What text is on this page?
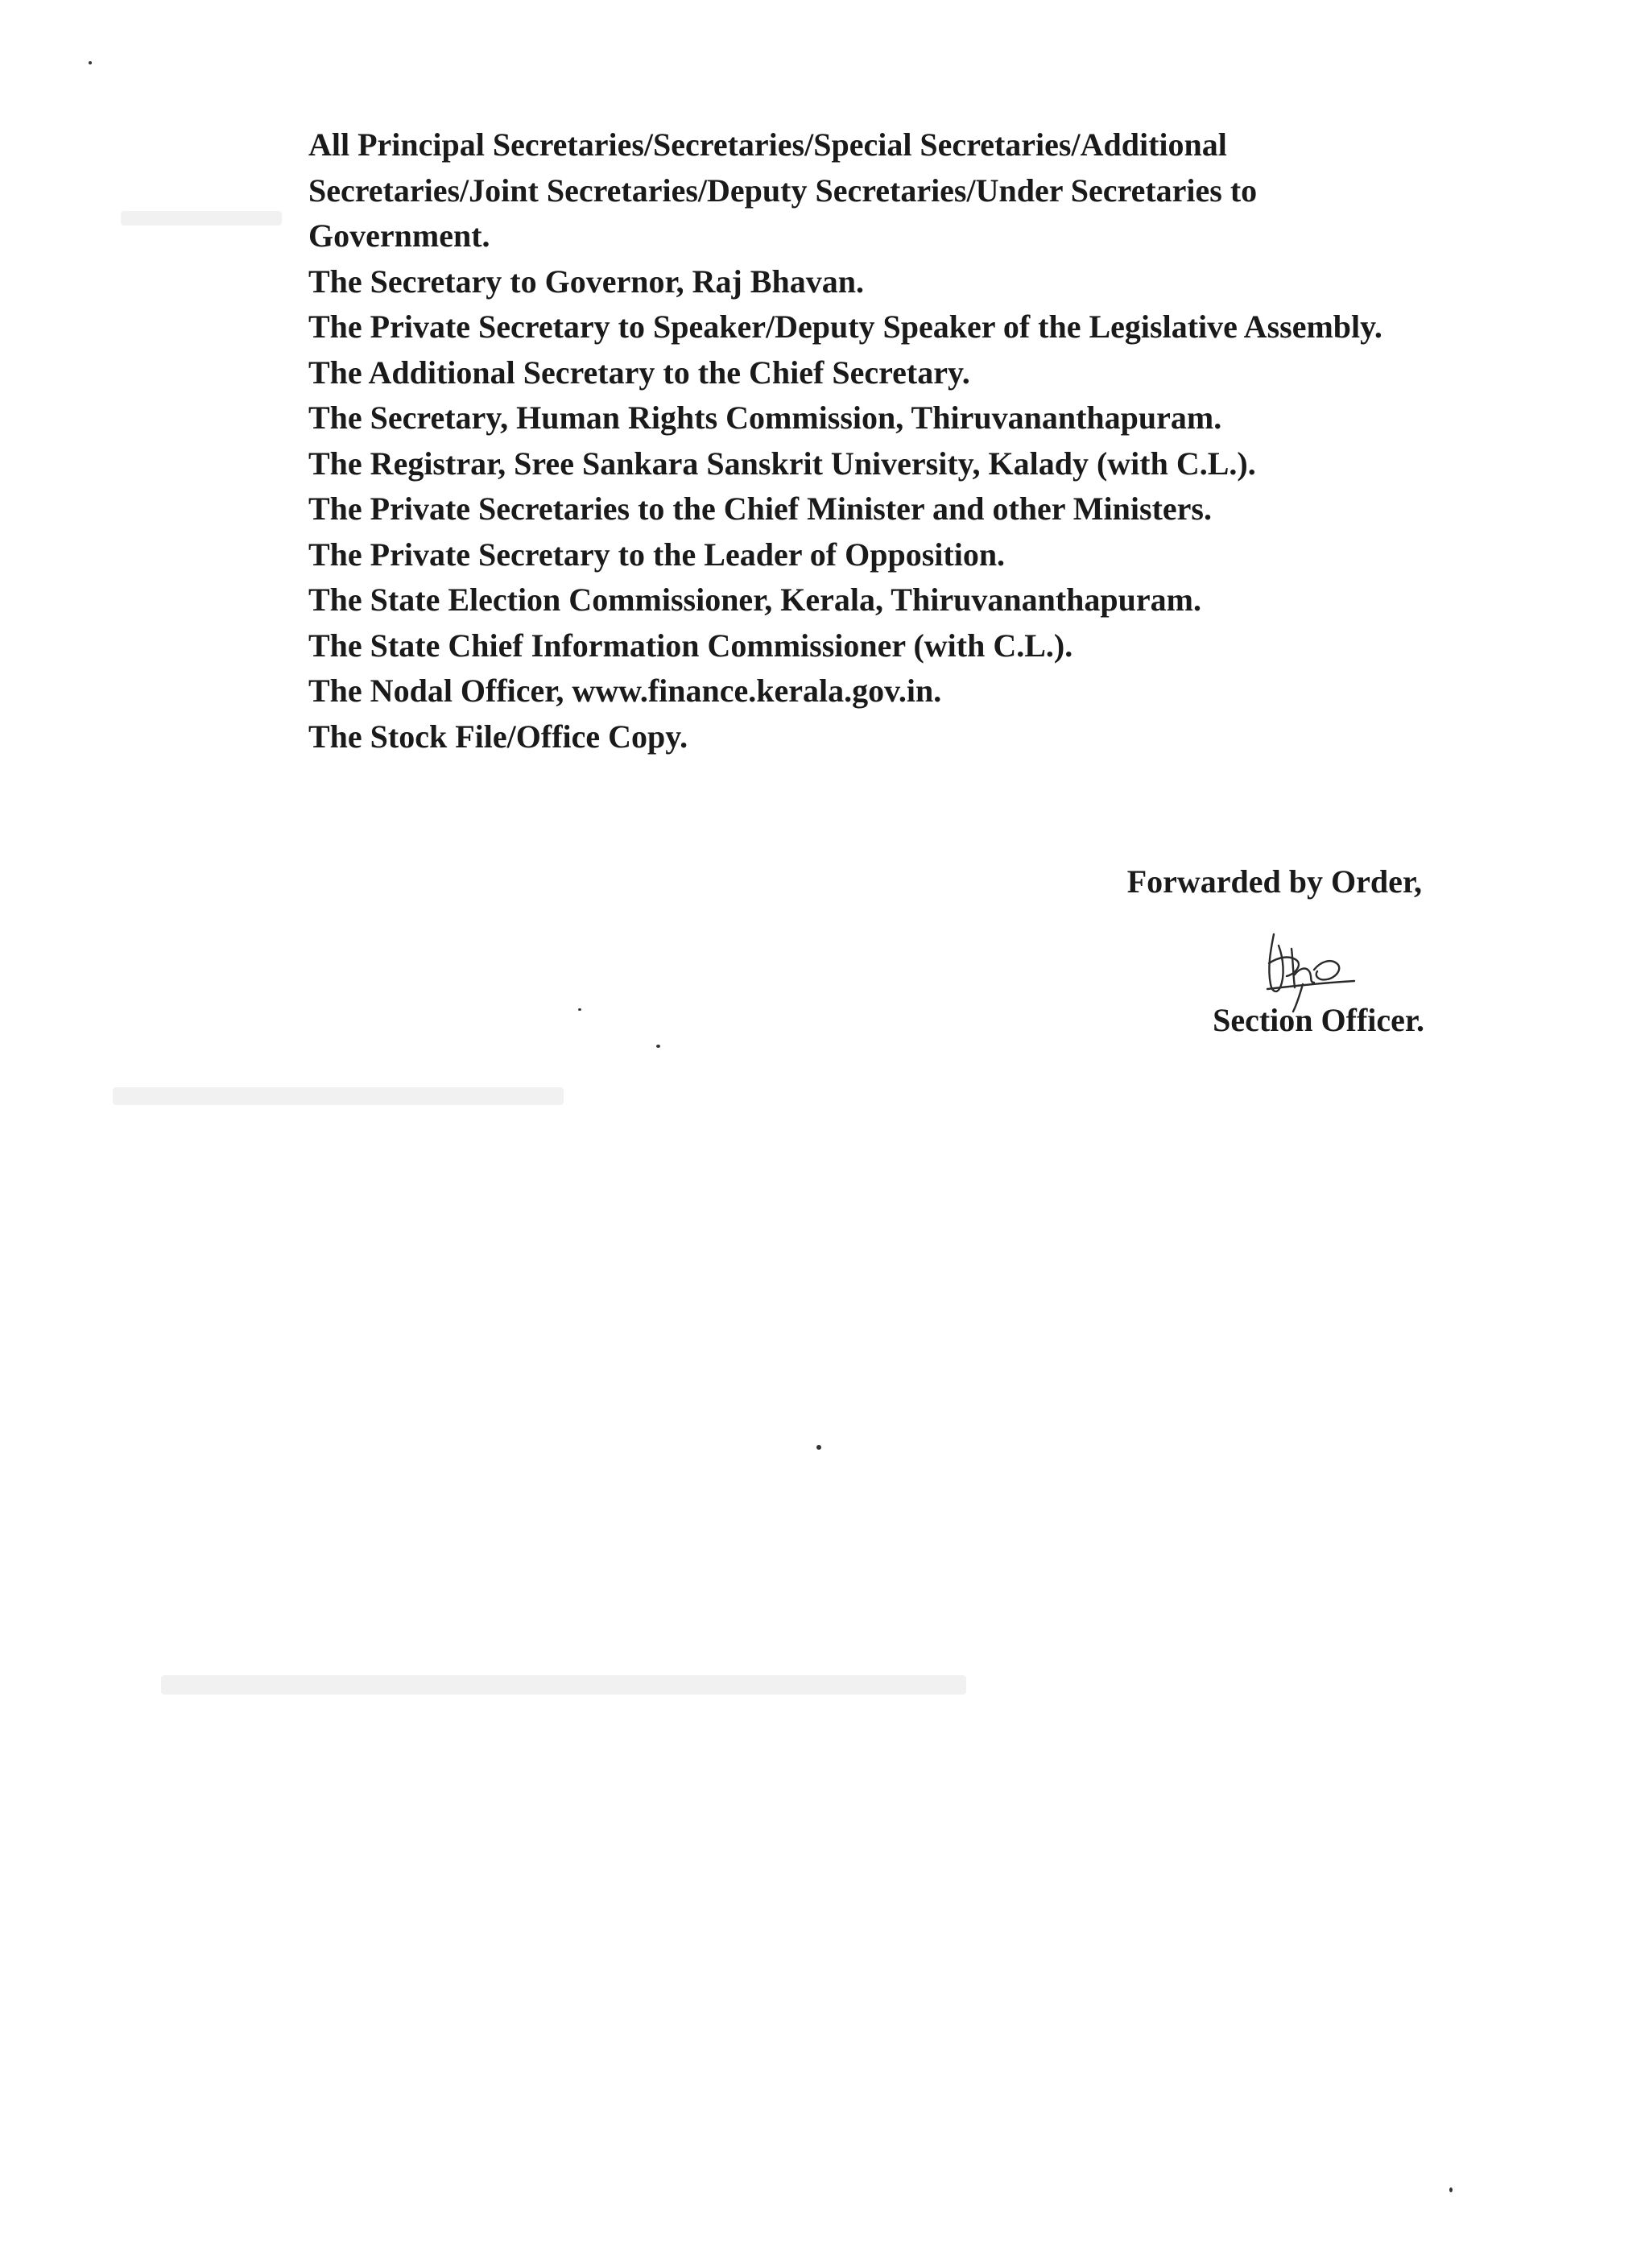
All Principal Secretaries/Secretaries/Special Secretaries/Additional Secretaries/Joint Secretaries/Deputy Secretaries/Under Secretaries to Government.
The Secretary to Governor, Raj Bhavan.
The Private Secretary to Speaker/Deputy Speaker of the Legislative Assembly.
The Additional Secretary to the Chief Secretary.
The Secretary, Human Rights Commission, Thiruvananthapuram.
The Registrar, Sree Sankara Sanskrit University, Kalady (with C.L.).
The Private Secretaries to the Chief Minister and other Ministers.
The Private Secretary to the Leader of Opposition.
The State Election Commissioner, Kerala, Thiruvananthapuram.
The State Chief Information Commissioner (with C.L.).
The Nodal Officer, www.finance.kerala.gov.in.
The Stock File/Office Copy.

Forwarded by Order,

Section Officer.
